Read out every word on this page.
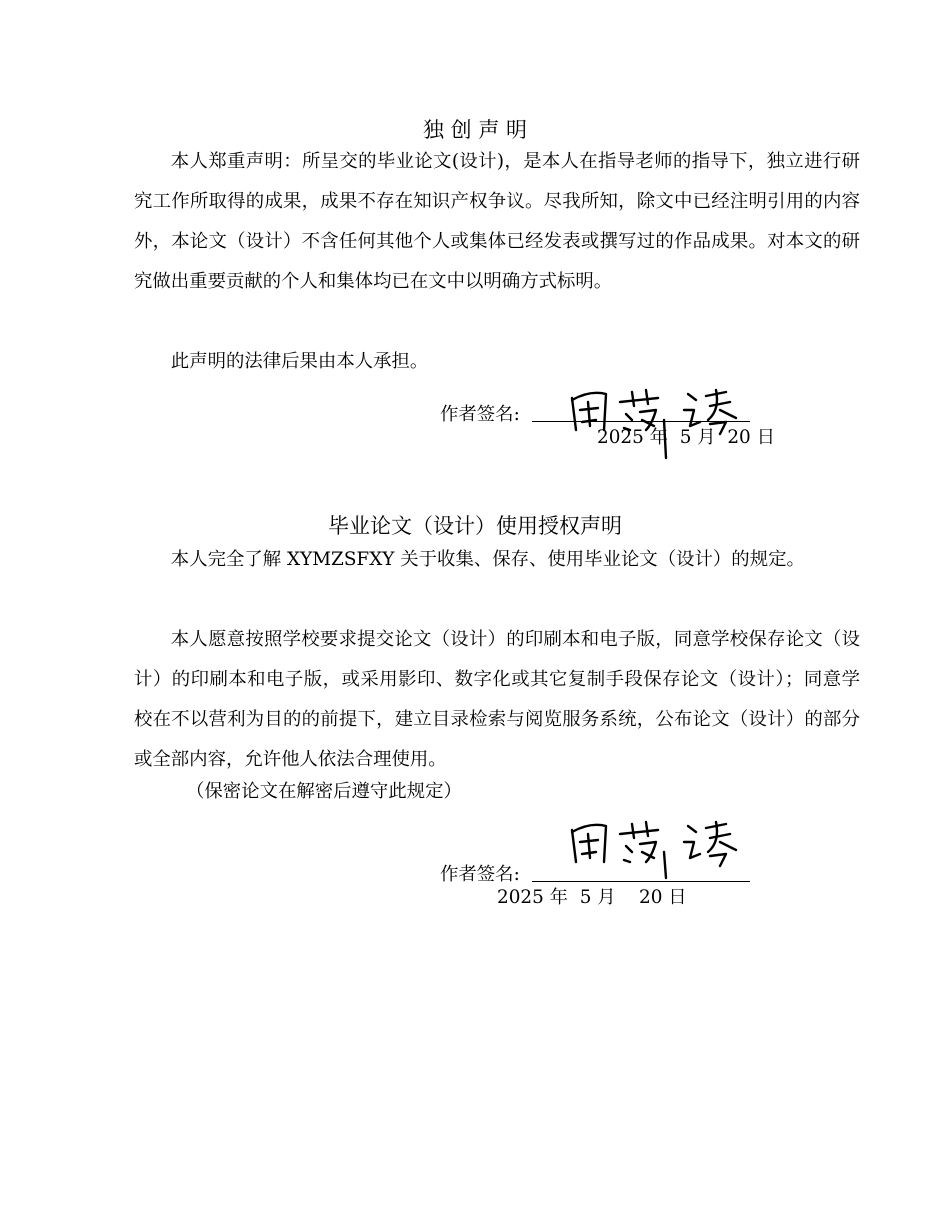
独 创 声 明

本人郑重声明：所呈交的毕业论文(设计)，是本人在指导老师的指导下，独立进行研究工作所取得的成果，成果不存在知识产权争议。尽我所知，除文中已经注明引用的内容外，本论文（设计）不含任何其他个人或集体已经发表或撰写过的作品成果。对本文的研究做出重要贡献的个人和集体均已在文中以明确方式标明。

此声明的法律后果由本人承担。

作者签名:
2025 年  5 月  20 日
毕业论文（设计）使用授权声明

本人完全了解 XYMZSFXY 关于收集、保存、使用毕业论文（设计）的规定。

本人愿意按照学校要求提交论文（设计）的印刷本和电子版，同意学校保存论文（设计）的印刷本和电子版，或采用影印、数字化或其它复制手段保存论文（设计）；同意学校在不以营利为目的的前提下，建立目录检索与阅览服务系统，公布论文（设计）的部分或全部内容，允许他人依法合理使用。

（保密论文在解密后遵守此规定）
作者签名:
2025 年  5 月    20 日
